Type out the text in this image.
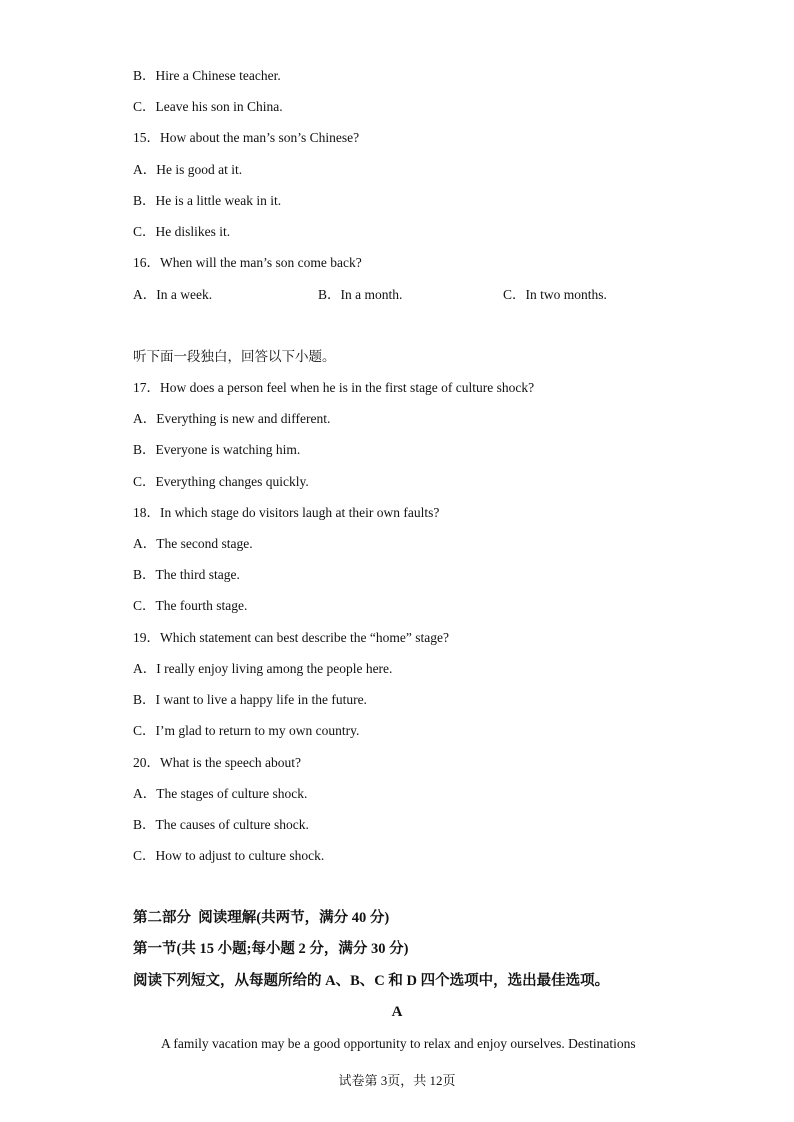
B．Hire a Chinese teacher.
C．Leave his son in China.
15．How about the man’s son’s Chinese?
A．He is good at it.
B．He is a little weak in it.
C．He dislikes it.
16．When will the man’s son come back?

A．In a week.

	B．In a month.

	C．In two months.

听下面一段独白，回答以下小题。
17．How does a person feel when he is in the first stage of culture shock?
A．Everything is new and different.
B．Everyone is watching him.
C．Everything changes quickly.
18．In which stage do visitors laugh at their own faults?
A．The second stage.
B．The third stage.
C．The fourth stage.
19．Which statement can best describe the “home” stage?
A．I really enjoy living among the people here.
B．I want to live a happy life in the future.
C．I’m glad to return to my own country.
20．What is the speech about?
A．The stages of culture shock.
B．The causes of culture shock.
C．How to adjust to culture shock.
第二部分  阅读理解(共两节，满分 40 分)
第一节(共 15 小题;每小题 2 分，满分 30 分)
阅读下列短文，从每题所给的 A、B、C 和 D 四个选项中，选出最佳选项。
A
A family vacation may be a good opportunity to relax and enjoy ourselves. Destinations
试卷第 3页，共 12页
